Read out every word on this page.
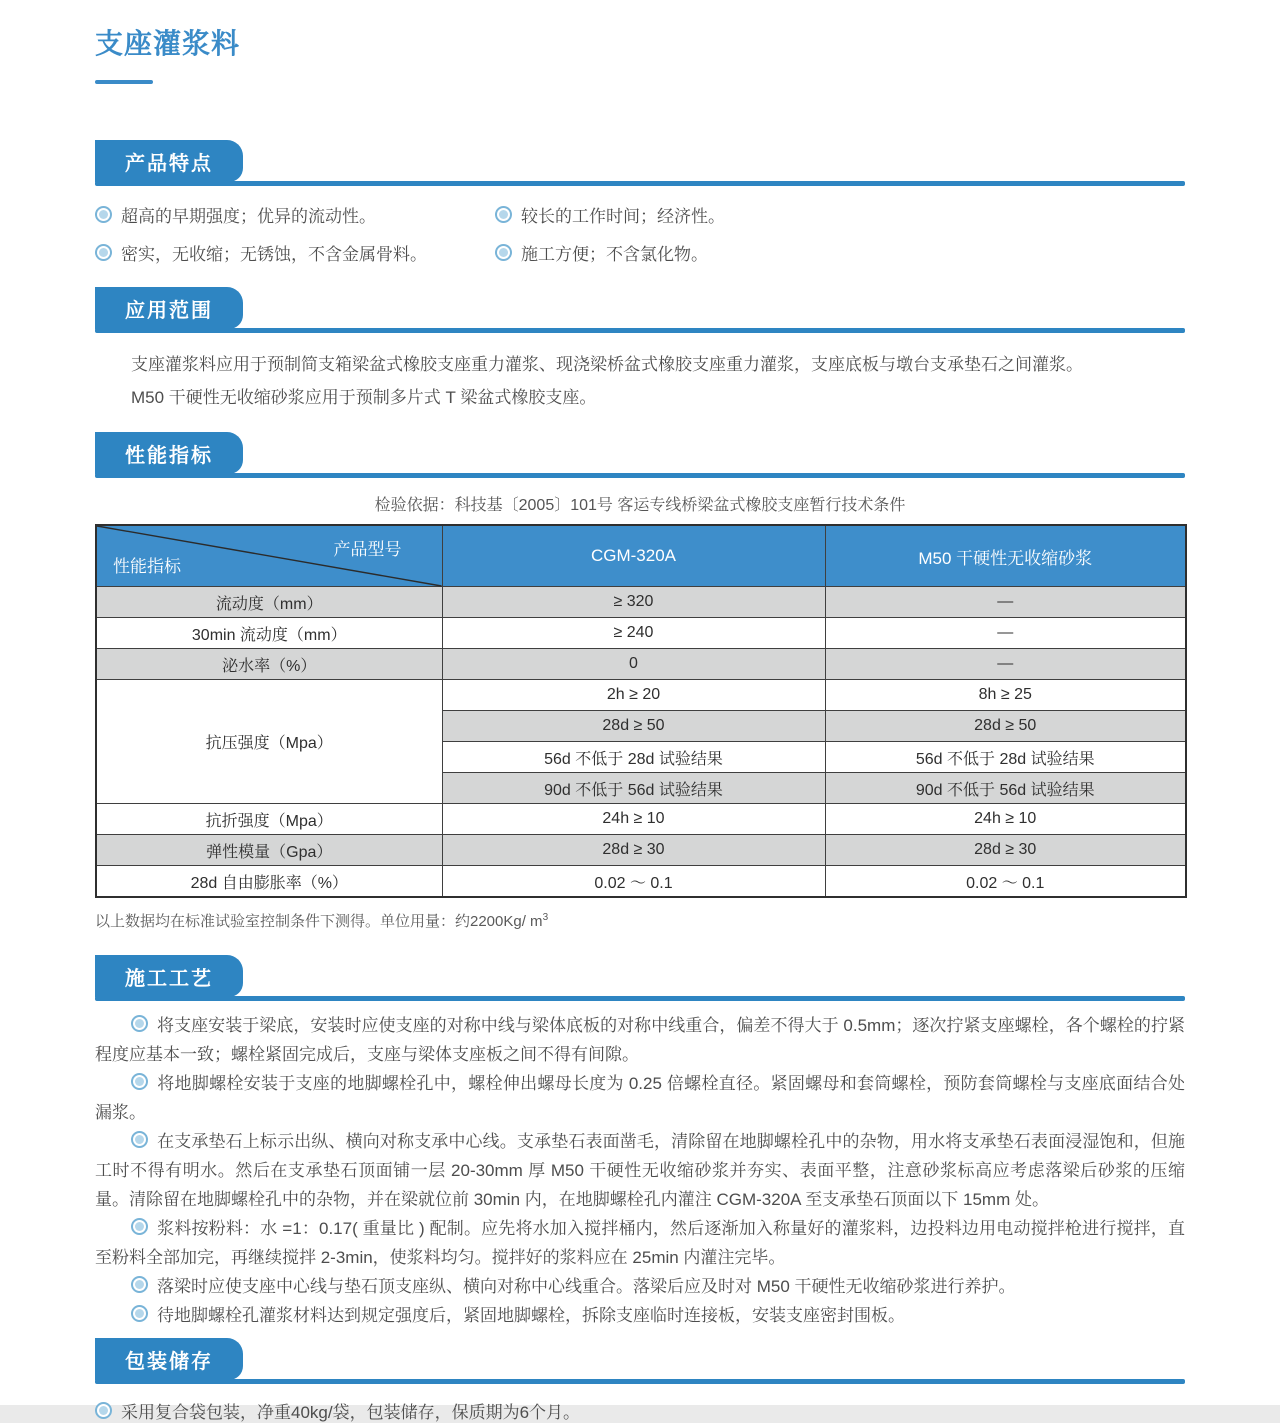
支座灌浆料
产品特点
超高的早期强度；优异的流动性。	较长的工作时间；经济性。
密实，无收缩；无锈蚀，不含金属骨料。	施工方便；不含氯化物。
应用范围

支座灌浆料应用于预制简支箱梁盆式橡胶支座重力灌浆、现浇梁桥盆式橡胶支座重力灌浆，支座底板与墩台支承垫石之间灌浆。

M50 干硬性无收缩砂浆应用于预制多片式 T 梁盆式橡胶支座。

性能指标
检验依据：科技基〔2005〕101号 客运专线桥梁盆式橡胶支座暂行技术条件
产品型号
性能指标	CGM-320A	M50 干硬性无收缩砂浆
流动度（mm）	≥ 320	—
30min 流动度（mm）	≥ 240	—
泌水率（%）	0	—
抗压强度（Mpa）	2h ≥ 20	8h ≥ 25
	28d ≥ 50	28d ≥ 50
	56d 不低于 28d 试验结果	56d 不低于 28d 试验结果
	90d 不低于 56d 试验结果	90d 不低于 56d 试验结果
抗折强度（Mpa）	24h ≥ 10	24h ≥ 10
弹性模量（Gpa）	28d ≥ 30	28d ≥ 30
28d 自由膨胀率（%）	0.02 ～ 0.1	0.02 ～ 0.1
以上数据均在标准试验室控制条件下测得。单位用量：约2200Kg/ $m^3$
施工工艺

将支座安装于梁底，安装时应使支座的对称中线与梁体底板的对称中线重合，偏差不得大于 0.5mm；逐次拧紧支座螺栓，各个螺栓的拧紧程度应基本一致；螺栓紧固完成后，支座与梁体支座板之间不得有间隙。

将地脚螺栓安装于支座的地脚螺栓孔中，螺栓伸出螺母长度为 0.25 倍螺栓直径。紧固螺母和套筒螺栓，预防套筒螺栓与支座底面结合处漏浆。

在支承垫石上标示出纵、横向对称支承中心线。支承垫石表面凿毛，清除留在地脚螺栓孔中的杂物，用水将支承垫石表面浸湿饱和，但施工时不得有明水。然后在支承垫石顶面铺一层 20-30mm 厚 M50 干硬性无收缩砂浆并夯实、表面平整，注意砂浆标高应考虑落梁后砂浆的压缩量。清除留在地脚螺栓孔中的杂物，并在梁就位前 30min 内，在地脚螺栓孔内灌注 CGM-320A 至支承垫石顶面以下 15mm 处。

浆料按粉料：水 =1：0.17( 重量比 ) 配制。应先将水加入搅拌桶内，然后逐渐加入称量好的灌浆料，边投料边用电动搅拌枪进行搅拌，直至粉料全部加完，再继续搅拌 2-3min，使浆料均匀。搅拌好的浆料应在 25min 内灌注完毕。

落梁时应使支座中心线与垫石顶支座纵、横向对称中心线重合。落梁后应及时对 M50 干硬性无收缩砂浆进行养护。

待地脚螺栓孔灌浆材料达到规定强度后，紧固地脚螺栓，拆除支座临时连接板，安装支座密封围板。

包装储存
采用复合袋包装，净重40kg/袋，包装储存，保质期为6个月。
